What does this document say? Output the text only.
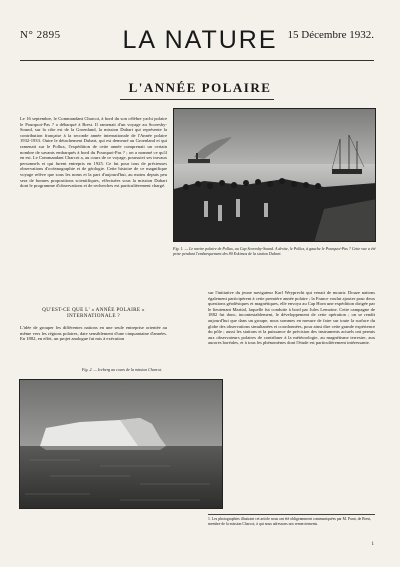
N° 2895	LA NATURE 15 Décembre 1932.
L'ANNÉE POLAIRE
Le 16 septembre, le Commandant Charcot, à bord du son célèbre yacht polaire le Pourquoi-Pas ? a débarqué à Brest. Il ramenait d'un voyage au Scoresby-Sound, sur la côte est de la Groenland, la mission Dubart qui représente la contribution française à la seconde année internationale de l'Année polaire 1932-1933. Outre le détachement Dubart, qui est demeuré au Groenland et qui ramenait sur le Pollux, l'expédition de cette année comprenait un certain nombre de savants embarqués à bord du Pourquoi-Pas ? ; on a nommé ce qu'il en est. Le Commandant Charcot a, au cours de ce voyage, poursuivi ses travaux personnels et qui furent entrepris en 1925. Ce fut pour tous de précieuses observations d'océanographie et de géologie. Cette histoire de ce magnifique voyage relève que sous les noms et la part d'aujourd'hui, au moins depuis peu sera de bonnes propositions scientifiques, effectuées sous la mission Dubart dont le programme d'observations et de recherches est particulièrement chargé.
Fig. 1. — Le navire polaire de Pollux, au Cap Scoresby-Sound. A droite, le Pollux, à gauche le Pourquoi-Pas ? Cette vue a été prise pendant l'embarquement des 80 Eskimos de la station Dubart.
QU'EST-CE QUE L' « ANNÉE POLAIRE » INTERNATIONALE ?
L'idée de grouper les différentes nations en une seule entreprise orientée au même vers les régions polaires, date sensiblement d'une cinquantaine d'années. En 1882, en effet, un projet analogue fut mis à exécution
Fig. 2. — Iceberg au cours de la mission Charcot.
sur l'initiative du jeune navigateur Karl Weyprecht qui venait de mourir. Douze nations également participèrent à cette première année polaire ; la France voulut ajouter pour deux questions géodésiques et magnétiques, elle envoya au Cap Horn une expédition dirigée par le lieutenant Martial, laquelle fut conduite à bord par Jules Lemoine. Cette campagne de 1882 fut donc, incontestablement, le développement de cette opération ; on se rendit aujourd'hui que dans un groupe, nous sommes en mesure de faire sur toute la surface du globe des observations simultanées et coordonnées, pour ainsi dire cette grande expérience du pôle ; aussi les stations et la puissance de précision des instruments actuels ont permis aux observateurs polaires de contribuer à la météorologie, au magnétisme terrestre, aux aurores boréales, et à tous les phénomènes dont l'étude est particulièrement intéressante.
1. Les photographies illustrant cet article nous ont été obligeamment communiquées par M. Parat, de Brest, membre de la mission Charcot, à qui nous adressons nos remerciements.
1
